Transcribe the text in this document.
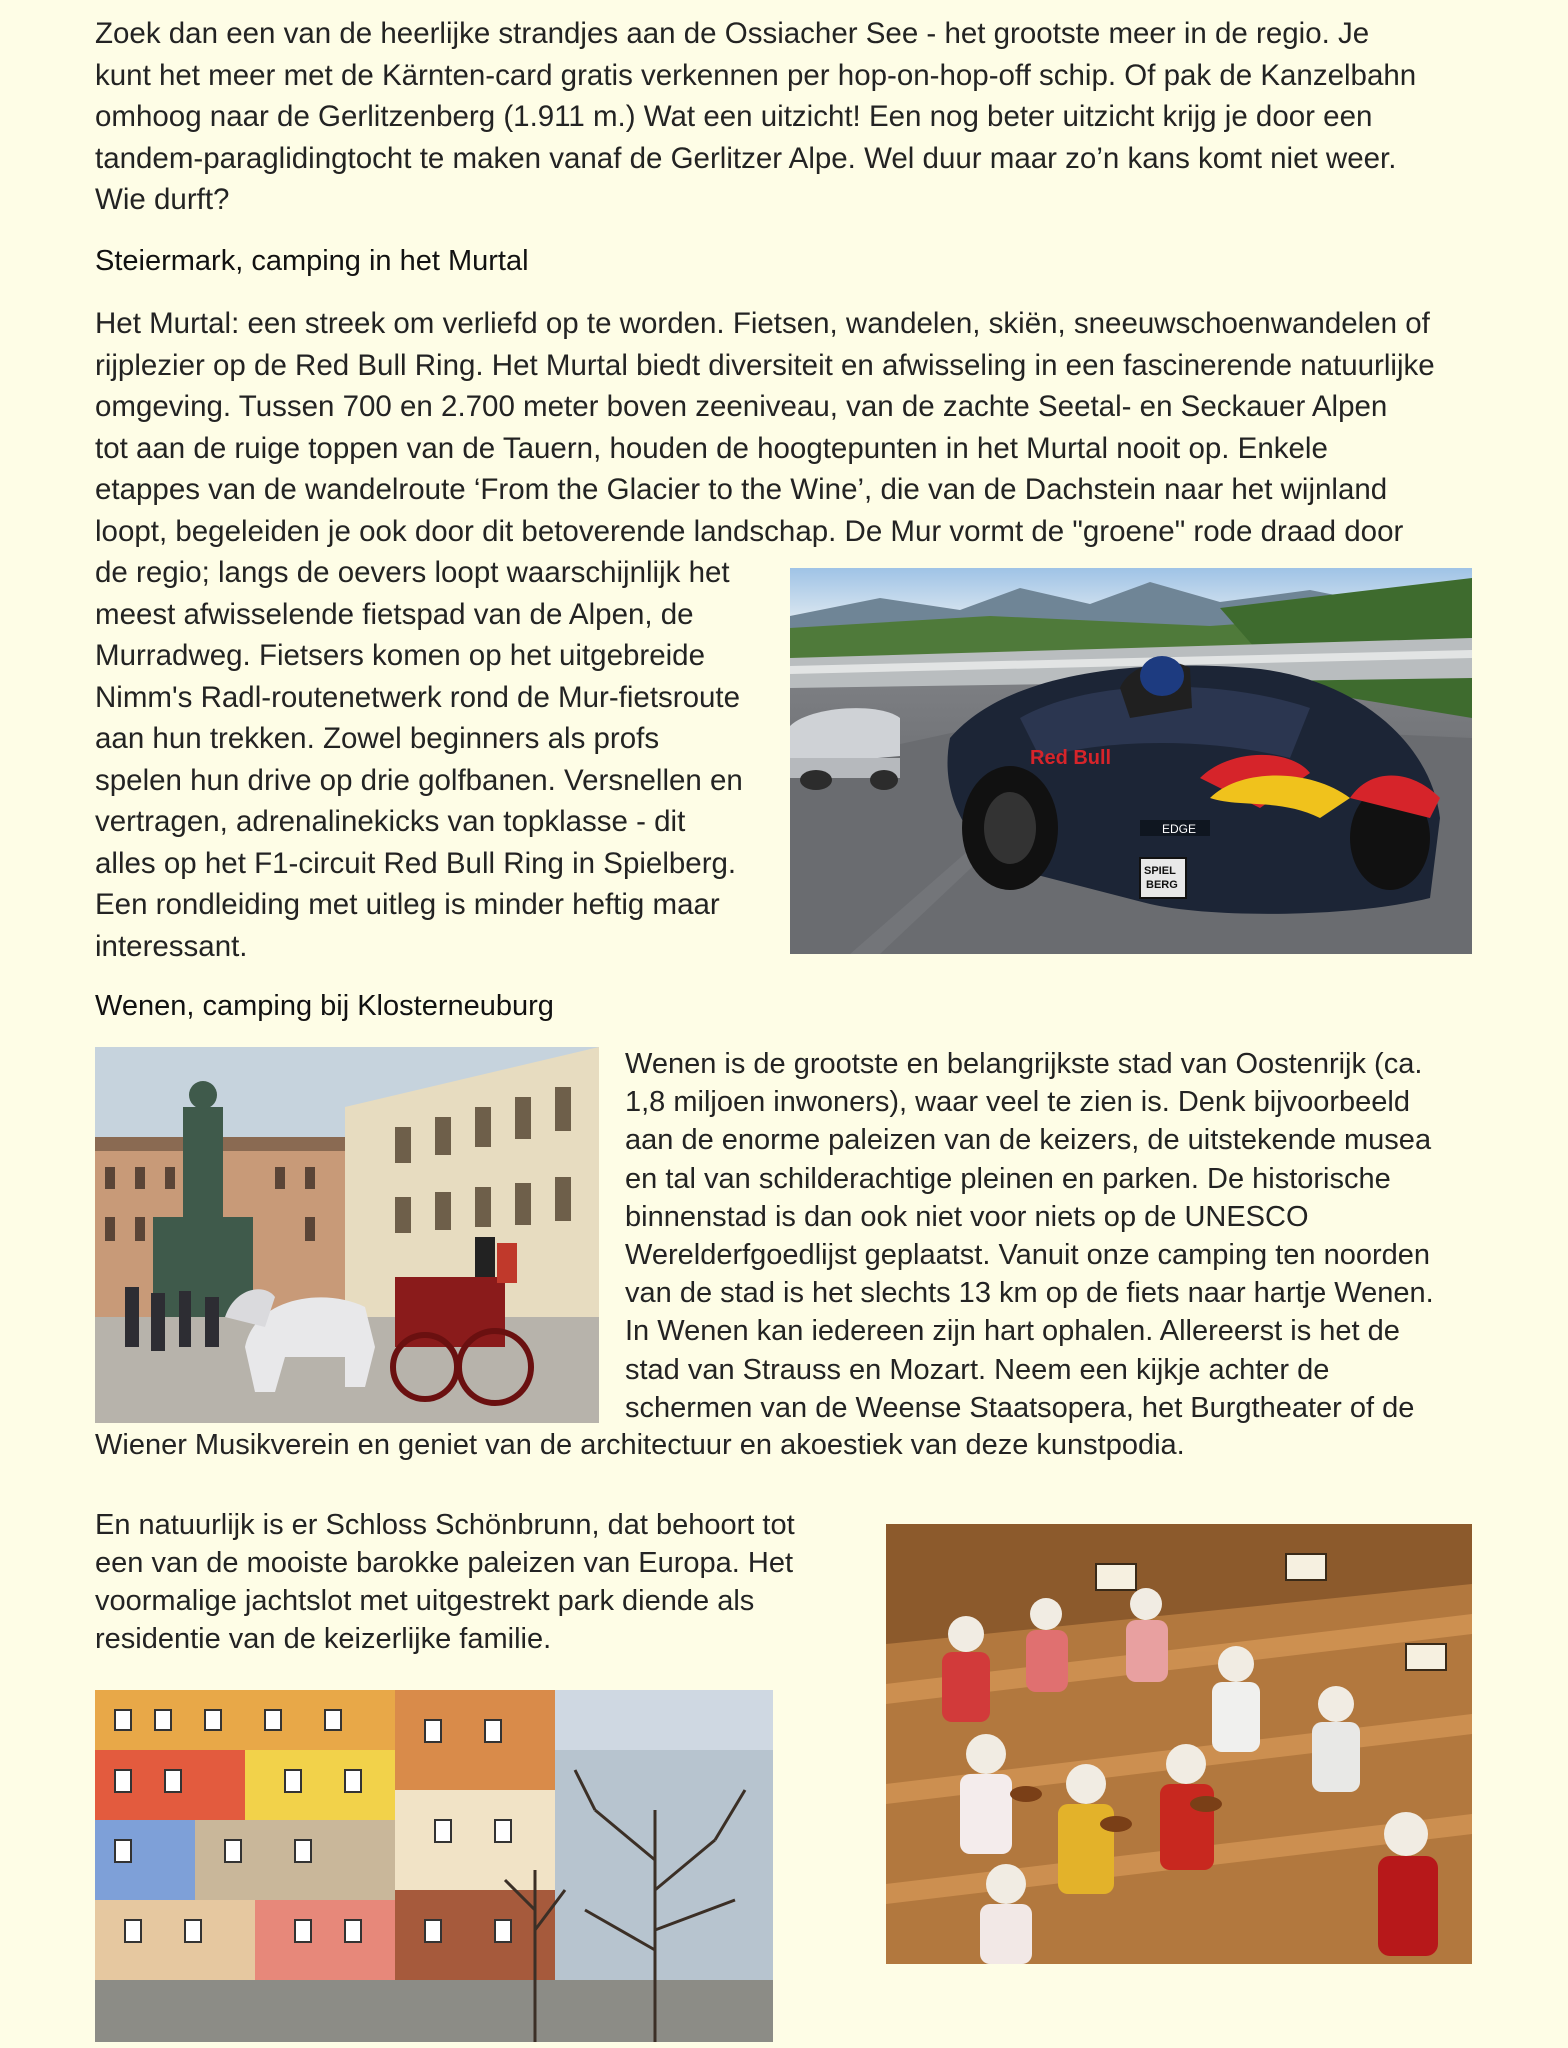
Zoek dan een van de heerlijke strandjes aan de Ossiacher See - het grootste meer in de regio. Je
kunt het meer met de Kärnten-card gratis verkennen per hop-on-hop-off schip. Of pak de Kanzelbahn
omhoog naar de Gerlitzenberg (1.911 m.) Wat een uitzicht! Een nog beter uitzicht krijg je door een
tandem-paraglidingtocht te maken vanaf de Gerlitzer Alpe. Wel duur maar zo’n kans komt niet weer.
Wie durft?
Steiermark, camping in het Murtal
Het Murtal: een streek om verliefd op te worden. Fietsen, wandelen, skiën, sneeuwschoenwandelen of
rijplezier op de Red Bull Ring. Het Murtal biedt diversiteit en afwisseling in een fascinerende natuurlijke
omgeving. Tussen 700 en 2.700 meter boven zeeniveau, van de zachte Seetal- en Seckauer Alpen
tot aan de ruige toppen van de Tauern, houden de hoogtepunten in het Murtal nooit op. Enkele
etappes van de wandelroute ‘From the Glacier to the Wine’, die van de Dachstein naar het wijnland
loopt, begeleiden je ook door dit betoverende landschap. De Mur vormt de "groene" rode draad door
de regio; langs de oevers loopt waarschijnlijk het
meest afwisselende fietspad van de Alpen, de
Murradweg. Fietsers komen op het uitgebreide
Nimm's Radl-routenetwerk rond de Mur-fietsroute
aan hun trekken. Zowel beginners als profs
spelen hun drive op drie golfbanen. Versnellen en
vertragen, adrenalinekicks van topklasse - dit
alles op het F1-circuit Red Bull Ring in Spielberg.
Een rondleiding met uitleg is minder heftig maar
interessant.
Red Bull
EDGE
SPIEL
BERG
Wenen, camping bij Klosterneuburg
Wenen is de grootste en belangrijkste stad van Oostenrijk (ca.
1,8 miljoen inwoners), waar veel te zien is. Denk bijvoorbeeld
aan de enorme paleizen van de keizers, de uitstekende musea
en tal van schilderachtige pleinen en parken. De historische
binnenstad is dan ook niet voor niets op de UNESCO
Werelderfgoedlijst geplaatst. Vanuit onze camping ten noorden
van de stad is het slechts 13 km op de fiets naar hartje Wenen.
In Wenen kan iedereen zijn hart ophalen. Allereerst is het de
stad van Strauss en Mozart. Neem een kijkje achter de
schermen van de Weense Staatsopera, het Burgtheater of de
Wiener Musikverein en geniet van de architectuur en akoestiek van deze kunstpodia.
En natuurlijk is er Schloss Schönbrunn, dat behoort tot
een van de mooiste barokke paleizen van Europa. Het
voormalige jachtslot met uitgestrekt park diende als
residentie van de keizerlijke familie.
